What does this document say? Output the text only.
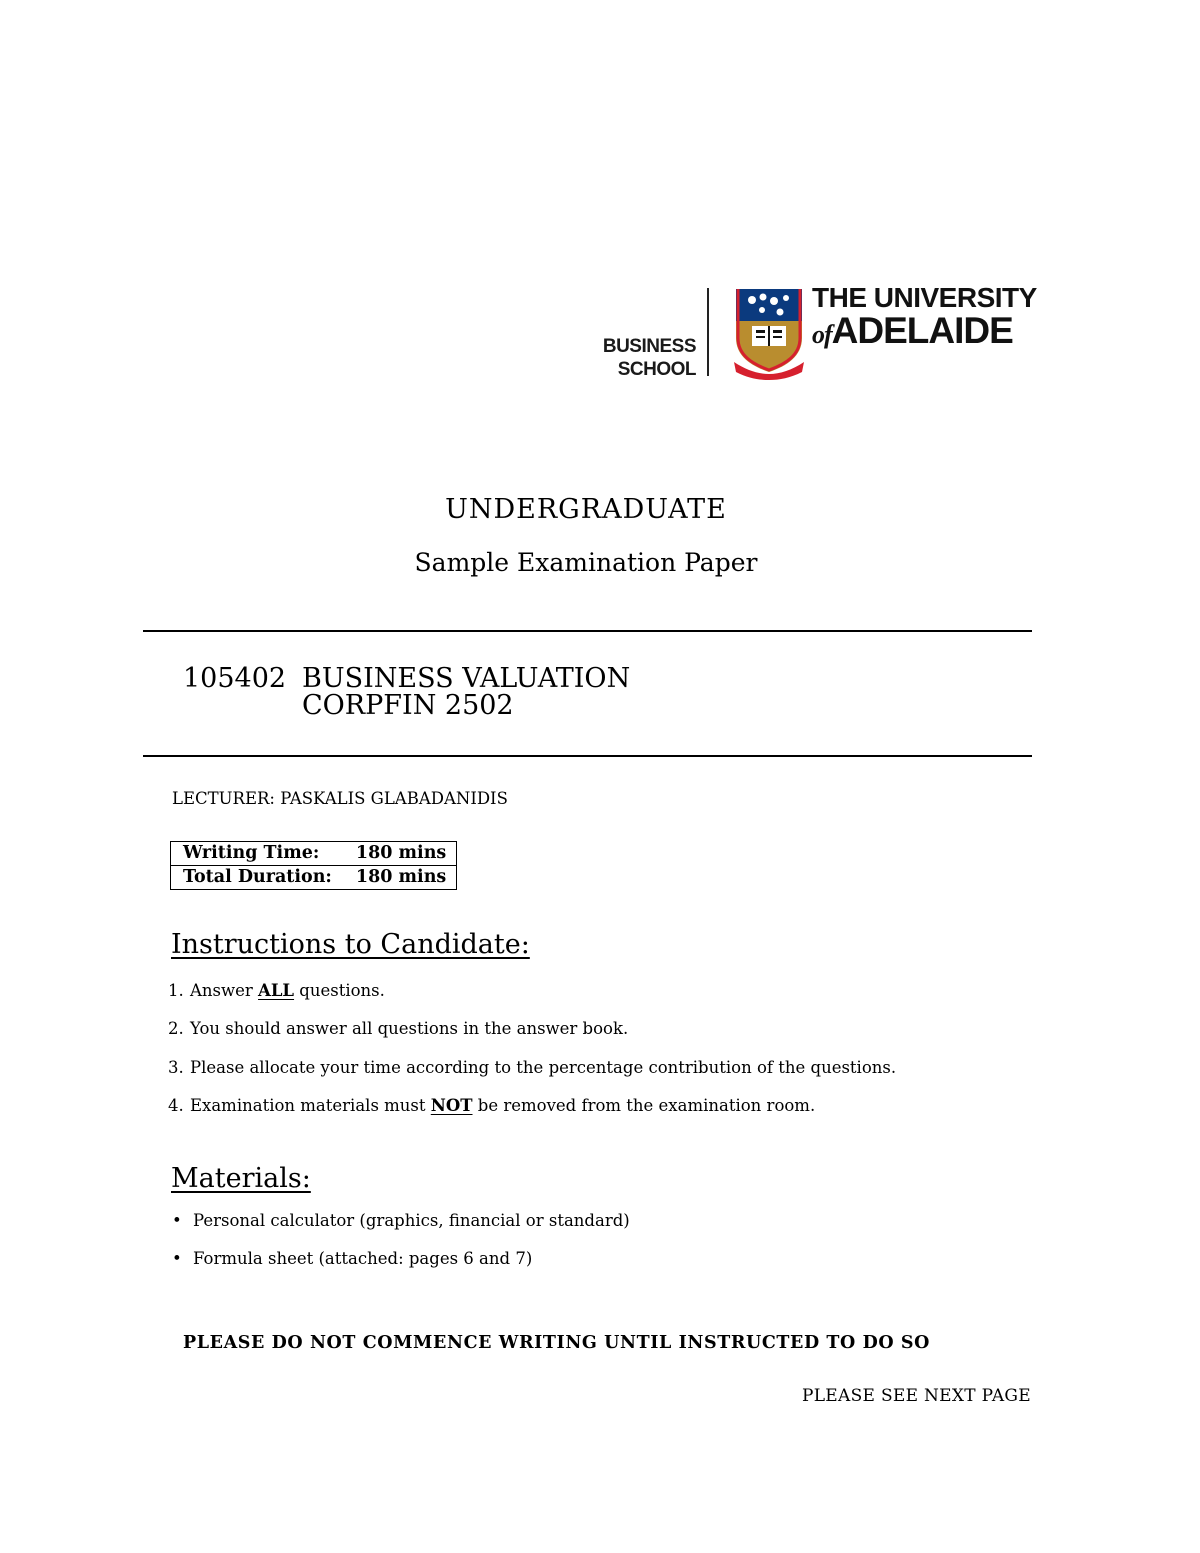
BUSINESS
SCHOOL
THE UNIVERSITY
ofADELAIDE
UNDERGRADUATE
Sample Examination Paper
105402 BUSINESS VALUATION
CORPFIN 2502
LECTURER: PASKALIS GLABADANIDIS
Writing Time:	180 mins
Total Duration:	180 mins
Instructions to Candidate:
1. Answer ALL questions.
2. You should answer all questions in the answer book.
3. Please allocate your time according to the percentage contribution of the questions.
4. Examination materials must NOT be removed from the examination room.
Materials:
• Personal calculator (graphics, financial or standard)
• Formula sheet (attached: pages 6 and 7)
PLEASE DO NOT COMMENCE WRITING UNTIL INSTRUCTED TO DO SO
PLEASE SEE NEXT PAGE
